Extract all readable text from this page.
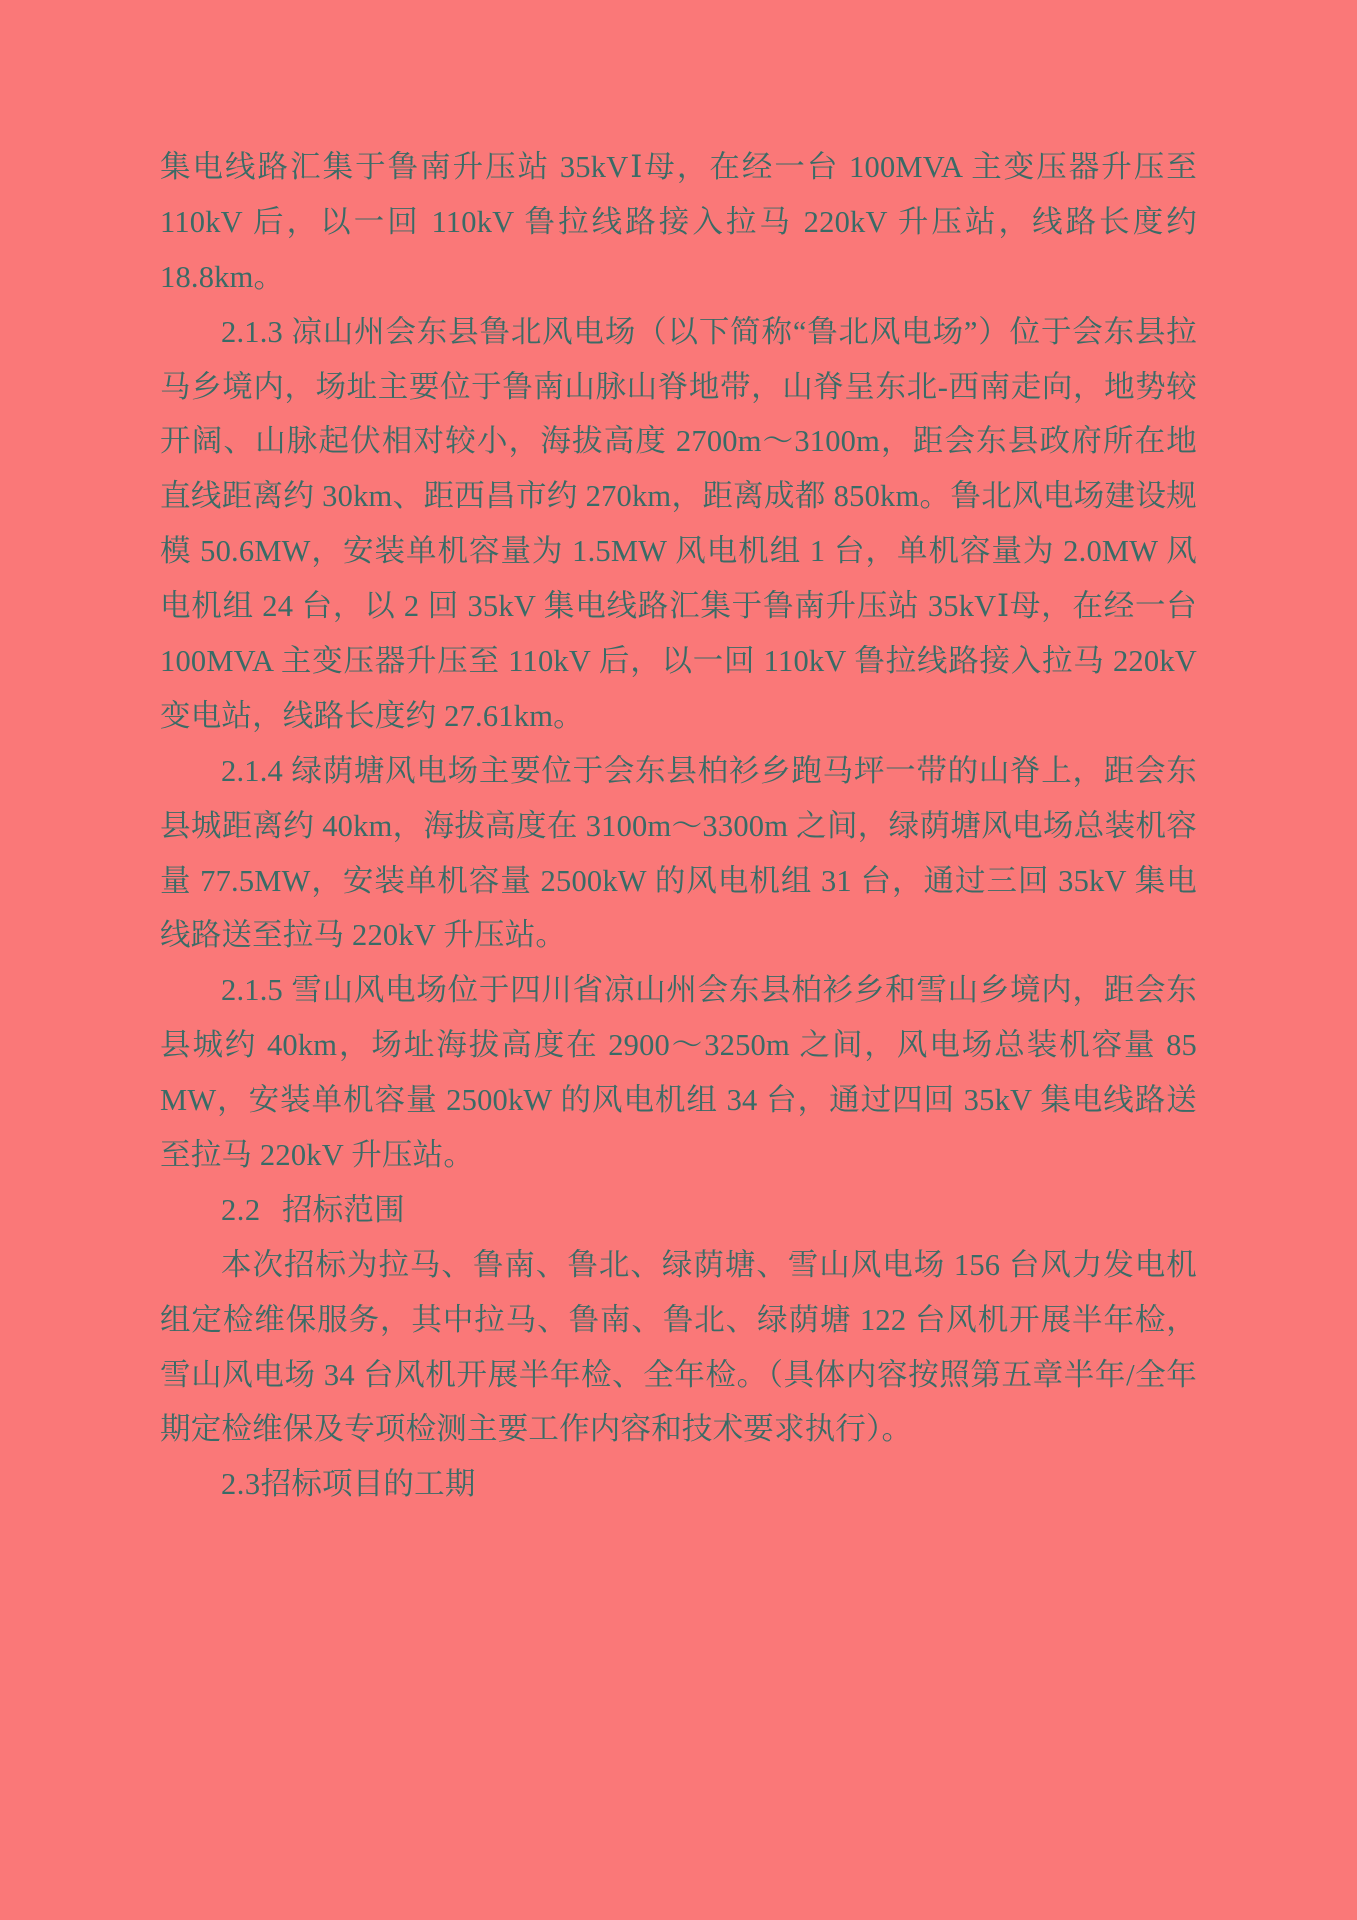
集电线路汇集于鲁南升压站 35kVⅠ母，在经一台 100MVA 主变压器升压至 110kV 后，以一回 110kV 鲁拉线路接入拉马 220kV 升压站，线路长度约 18.8km。

2.1.3 凉山州会东县鲁北风电场（以下简称“鲁北风电场”）位于会东县拉马乡境内，场址主要位于鲁南山脉山脊地带，山脊呈东北-西南走向，地势较开阔、山脉起伏相对较小，海拔高度 2700m～3100m，距会东县政府所在地直线距离约 30km、距西昌市约 270km，距离成都 850km。鲁北风电场建设规模 50.6MW，安装单机容量为 1.5MW 风电机组 1 台，单机容量为 2.0MW 风电机组 24 台，以 2 回 35kV 集电线路汇集于鲁南升压站 35kVⅠ母，在经一台 100MVA 主变压器升压至 110kV 后，以一回 110kV 鲁拉线路接入拉马 220kV 变电站，线路长度约 27.61km。

2.1.4 绿荫塘风电场主要位于会东县柏衫乡跑马坪一带的山脊上，距会东县城距离约 40km，海拔高度在 3100m～3300m 之间，绿荫塘风电场总装机容量 77.5MW，安装单机容量 2500kW 的风电机组 31 台，通过三回 35kV 集电线路送至拉马 220kV 升压站。

2.1.5 雪山风电场位于四川省凉山州会东县柏衫乡和雪山乡境内，距会东县城约 40km，场址海拔高度在 2900～3250m 之间，风电场总装机容量 85 MW，安装单机容量 2500kW 的风电机组 34 台，通过四回 35kV 集电线路送至拉马 220kV 升压站。

2.2 招标范围

本次招标为拉马、鲁南、鲁北、绿荫塘、雪山风电场 156 台风力发电机组定检维保服务，其中拉马、鲁南、鲁北、绿荫塘 122 台风机开展半年检，雪山风电场 34 台风机开展半年检、全年检。（具体内容按照第五章半年/全年期定检维保及专项检测主要工作内容和技术要求执行）。

2.3招标项目的工期
